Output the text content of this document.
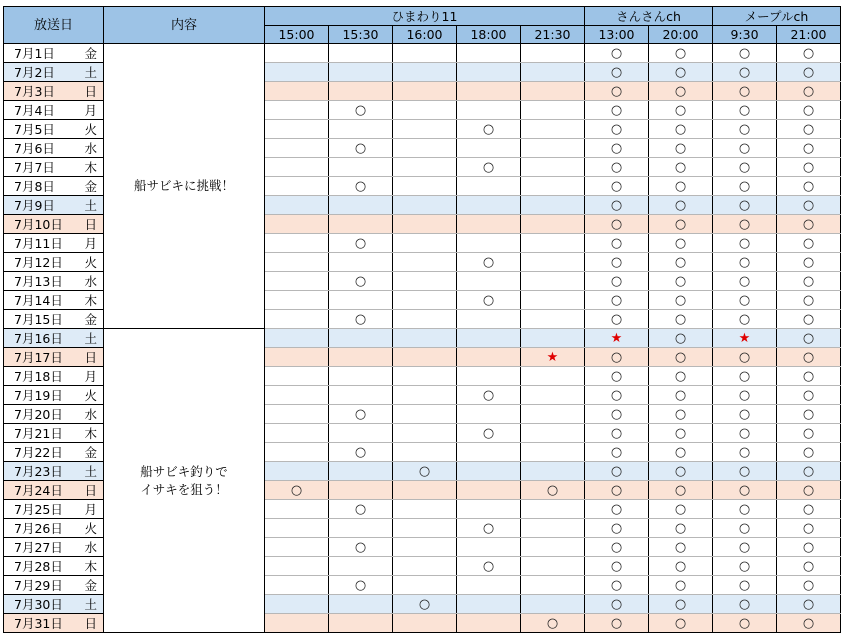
放送日		内容	ひまわり11					さんさんch		メープルch	
			15:00	15:30	16:00	18:00	21:30	13:00	20:00	9:30	21:00
7月1日	金	船サビキに挑戦！						○	○	○	○
7月2日	土							○	○	○	○
7月3日	日							○	○	○	○
7月4日	月			○				○	○	○	○
7月5日	火					○		○	○	○	○
7月6日	水			○				○	○	○	○
7月7日	木					○		○	○	○	○
7月8日	金			○				○	○	○	○
7月9日	土							○	○	○	○
7月10日	日							○	○	○	○
7月11日	月			○				○	○	○	○
7月12日	火					○		○	○	○	○
7月13日	水			○				○	○	○	○
7月14日	木					○		○	○	○	○
7月15日	金			○				○	○	○	○
7月16日	土	船サビキ釣りで
イサキを狙う！						★	○	★	○
7月17日	日						★	○	○	○	○
7月18日	月							○	○	○	○
7月19日	火					○		○	○	○	○
7月20日	水			○				○	○	○	○
7月21日	木					○		○	○	○	○
7月22日	金			○				○	○	○	○
7月23日	土				○			○	○	○	○
7月24日	日		○				○	○	○	○	○
7月25日	月			○				○	○	○	○
7月26日	火					○		○	○	○	○
7月27日	水			○				○	○	○	○
7月28日	木					○		○	○	○	○
7月29日	金			○				○	○	○	○
7月30日	土				○			○	○	○	○
7月31日	日						○	○	○	○	○
